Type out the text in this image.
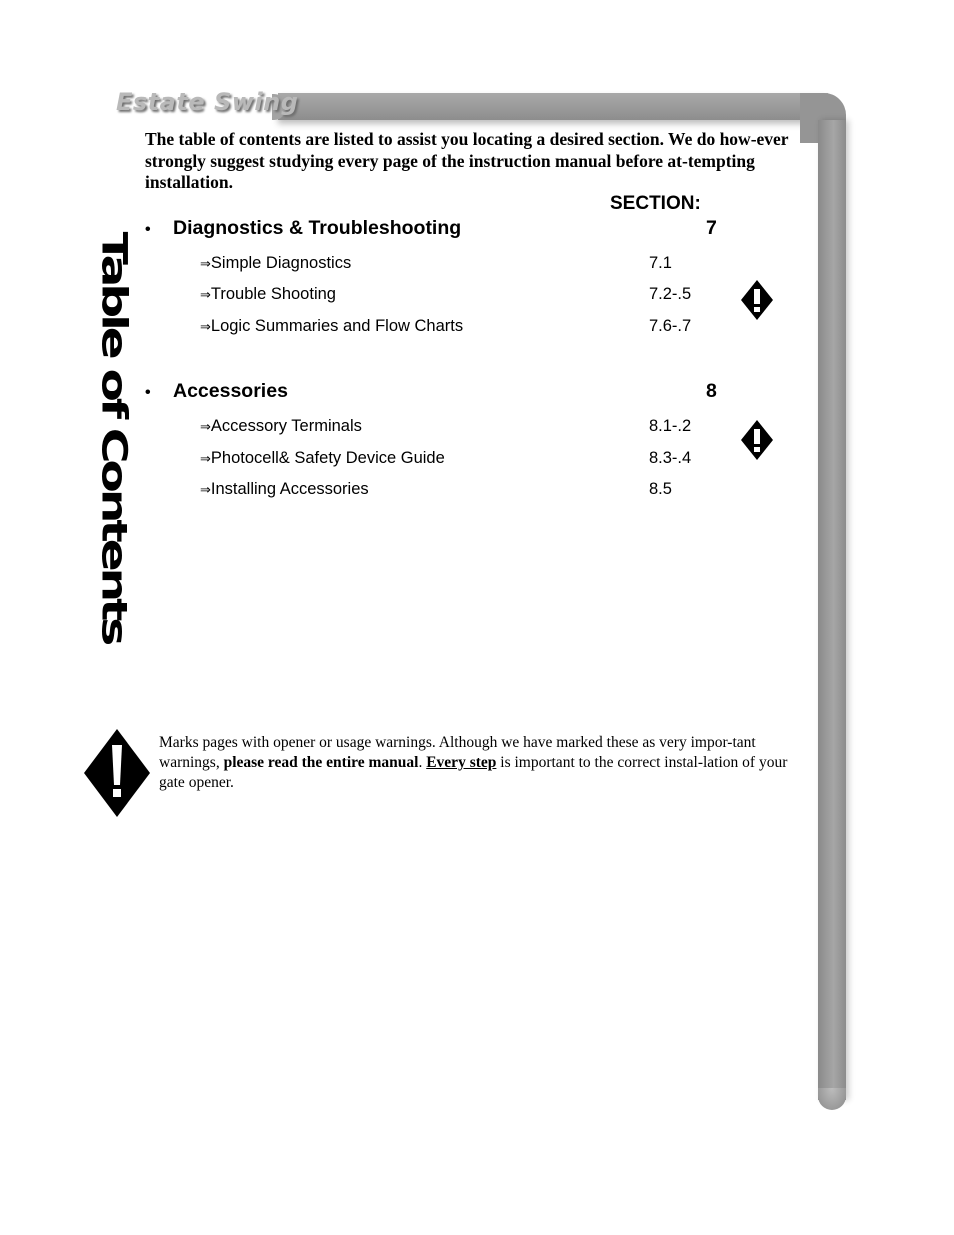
Estate Swing
Table of Contents
The table of contents are listed to assist you locating a desired section. We do how-ever strongly suggest studying every page of the instruction manual before at-tempting installation.
SECTION:
• Diagnostics & Troubleshooting	7
⇒Simple Diagnostics	7.1
⇒Trouble Shooting	7.2-.5
⇒Logic Summaries and Flow Charts	7.6-.7
• Accessories	8
⇒Accessory Terminals	8.1-.2
⇒Photocell& Safety Device Guide	8.3-.4
⇒Installing Accessories	8.5
Marks pages with opener or usage warnings. Although we have marked these as very impor-tant warnings, please read the entire manual. Every step is important to the correct instal-lation of your gate opener.
